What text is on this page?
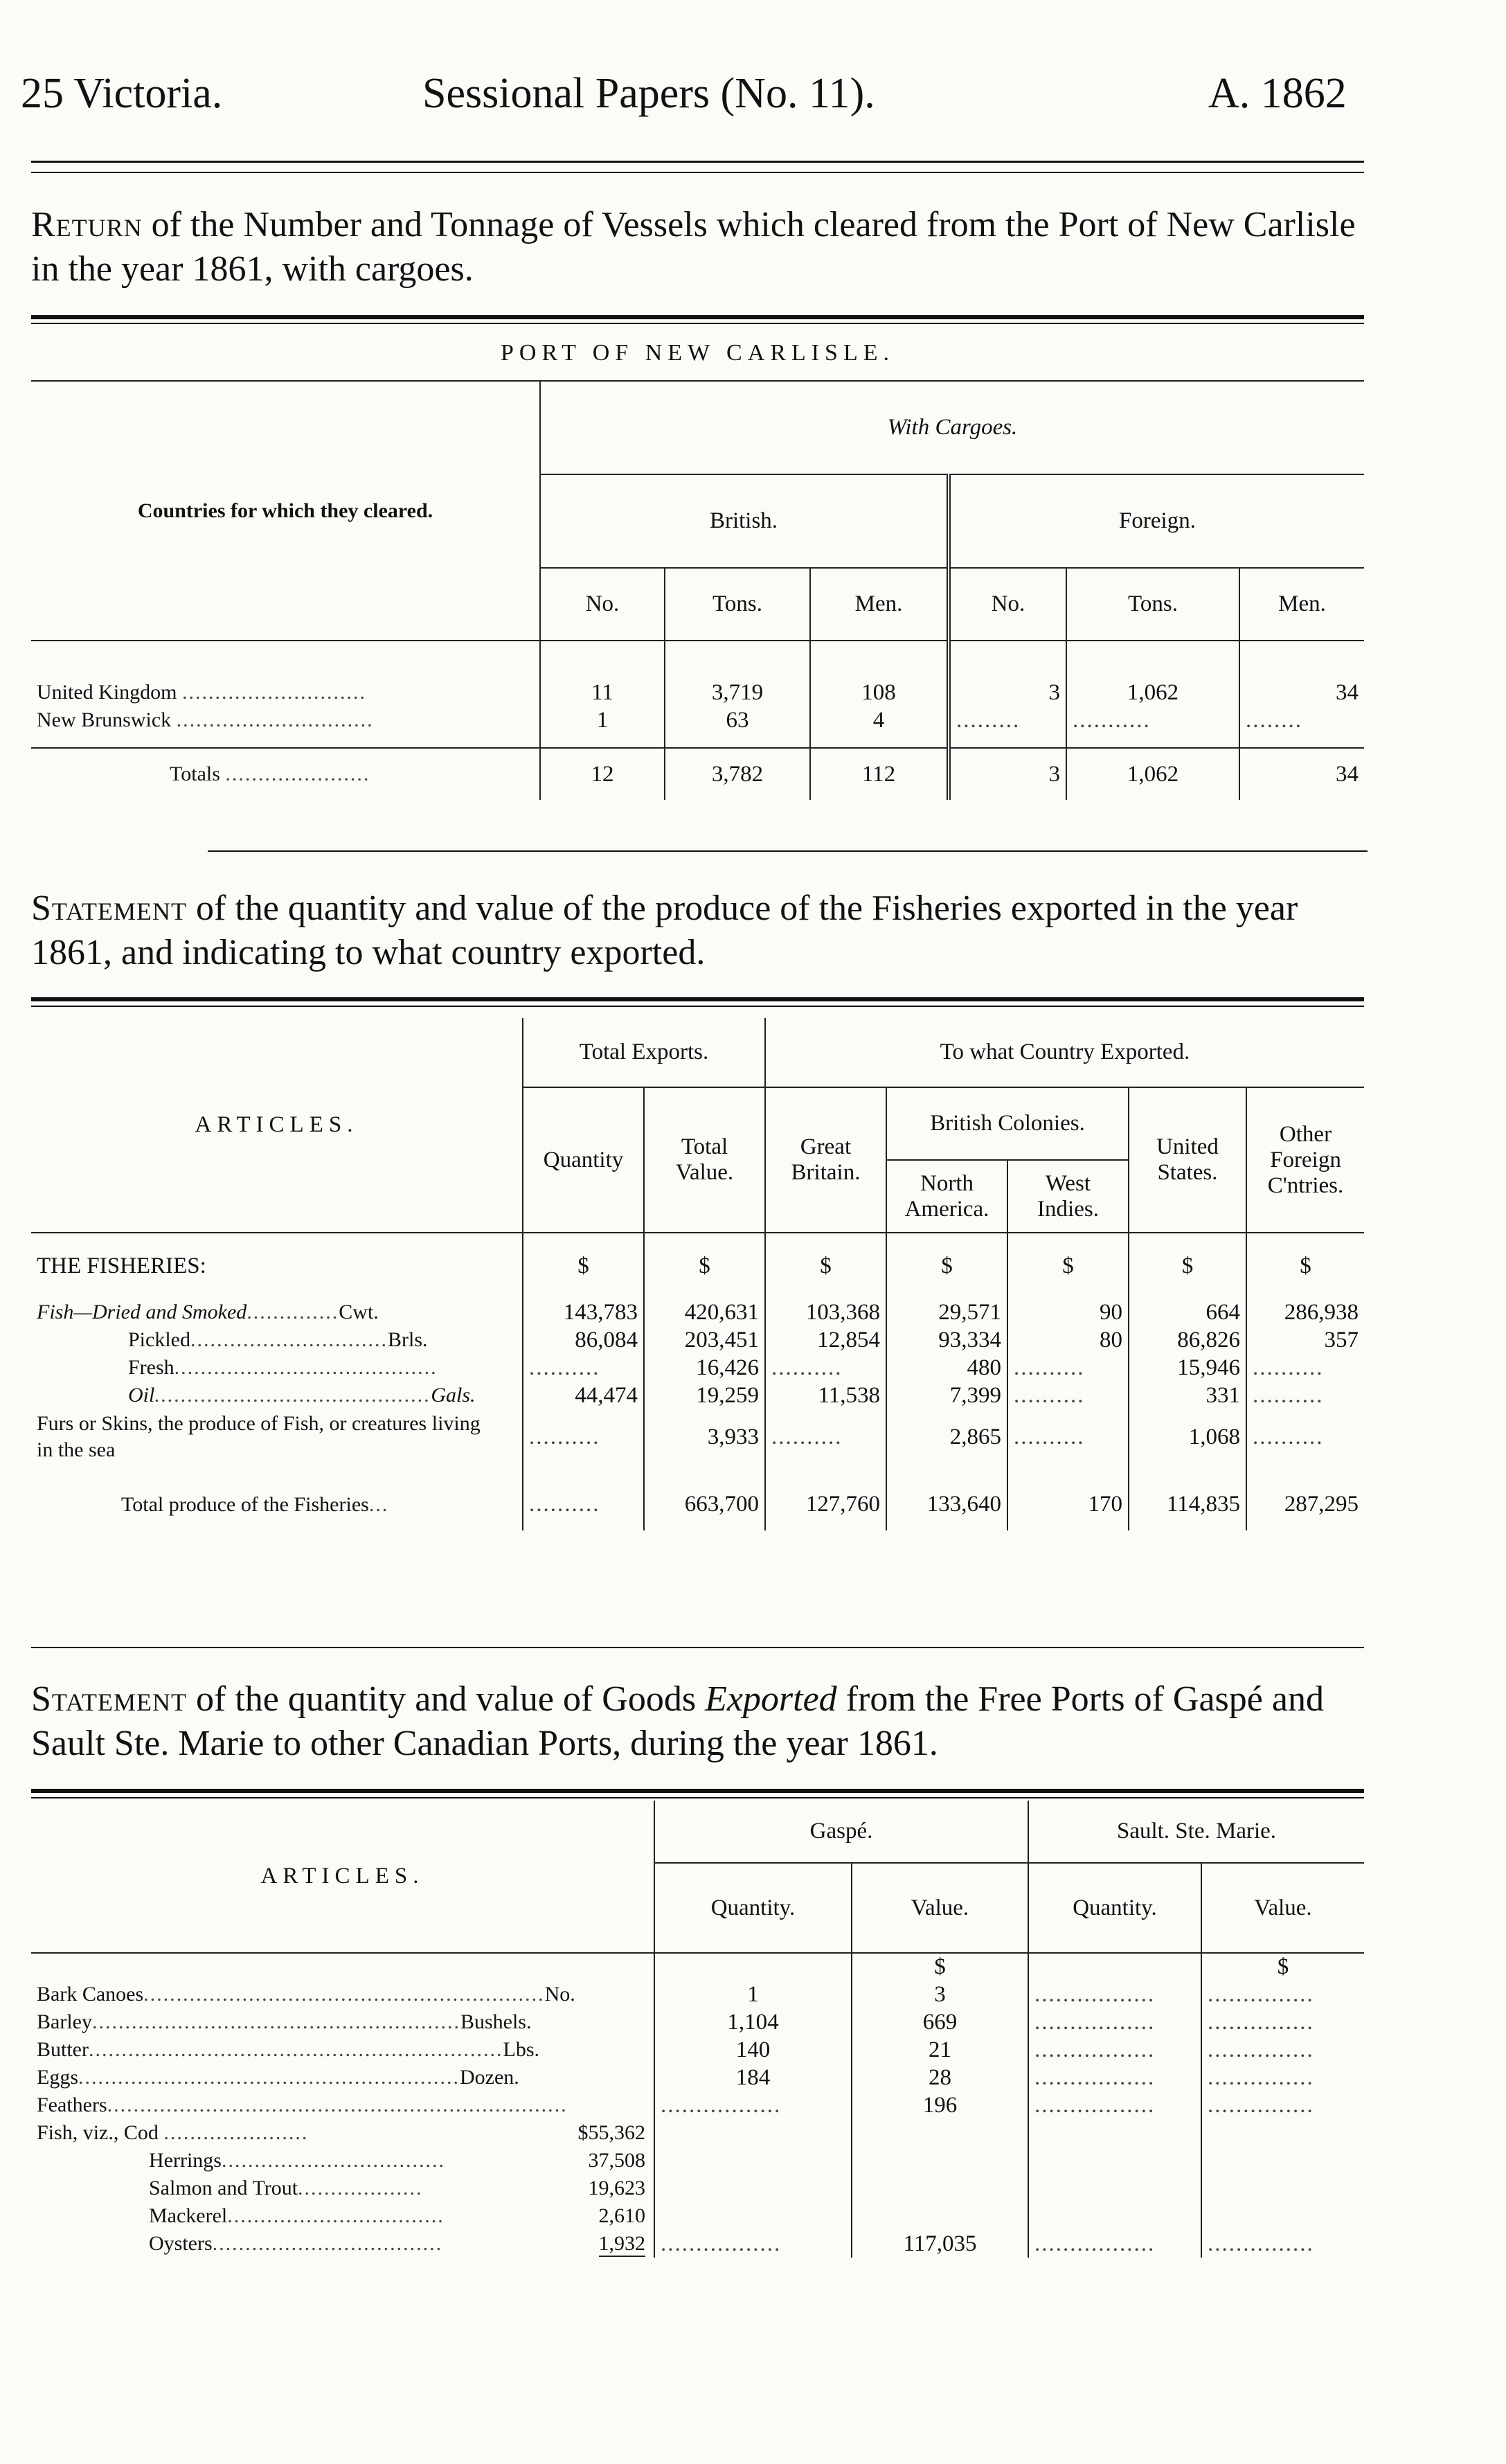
25 Victoria.	Sessional Papers (No. 11).	A. 1862
Return of the Number and Tonnage of Vessels which cleared from the Port of New Carlisle in the year 1861, with cargoes.
PORT OF NEW CARLISLE.						
Countries for which they cleared.	With Cargoes.					
	British.			Foreign.		
	No.	Tons.	Men.	No.	Tons.	Men.

United Kingdom ............................	11	3,719	108	3	1,062	34
New Brunswick ..............................	1	63	4	.........	...........	........

Totals ......................	12	3,782	112	3	1,062	34
Statement of the quantity and value of the produce of the Fisheries exported in the year 1861, and indicating to what country exported.
ARTICLES.	Total Exports.		To what Country Exported.				
	Quantity	Total Value.	Great Britain.	British Colonies.		United States.	Other Foreign C'ntries.
				North America.	West Indies.		
THE FISHERIES:	$	$	$	$	$	$	$
Fish—Dried and Smoked..............Cwt.	143,783	420,631	103,368	29,571	90	664	286,938
Pickled..............................Brls.	86,084	203,451	12,854	93,334	80	86,826	357
Fresh........................................	..........	16,426	..........	480	..........	15,946	..........
Oil..........................................Gals.	44,474	19,259	11,538	7,399	..........	331	..........
Furs or Skins, the produce of Fish, or creatures living in the sea	..........	3,933	..........	2,865	..........	1,068	..........

Total produce of the Fisheries...	..........	663,700	127,760	133,640	170	114,835	287,295
Statement of the quantity and value of Goods Exported from the Free Ports of Gaspé and Sault Ste. Marie to other Canadian Ports, during the year 1861.
ARTICLES.	Gaspé.		Sault. Ste. Marie.	
	Quantity.	Value.	Quantity.	Value.
		$		$
Bark Canoes.............................................................No.	1	3	.................	...............
Barley........................................................Bushels.	1,104	669	.................	...............
Butter...............................................................Lbs.	140	21	.................	...............
Eggs..........................................................Dozen.	184	28	.................	...............
Feathers......................................................................	.................	196	.................	...............
Fish, viz., Cod ...................... $55,362				

Herrings.................................. 37,508				

Salmon and Trout................... 19,623				

Mackerel................................. 2,610				

Oysters................................... 1,932	.................	117,035	.................	...............
